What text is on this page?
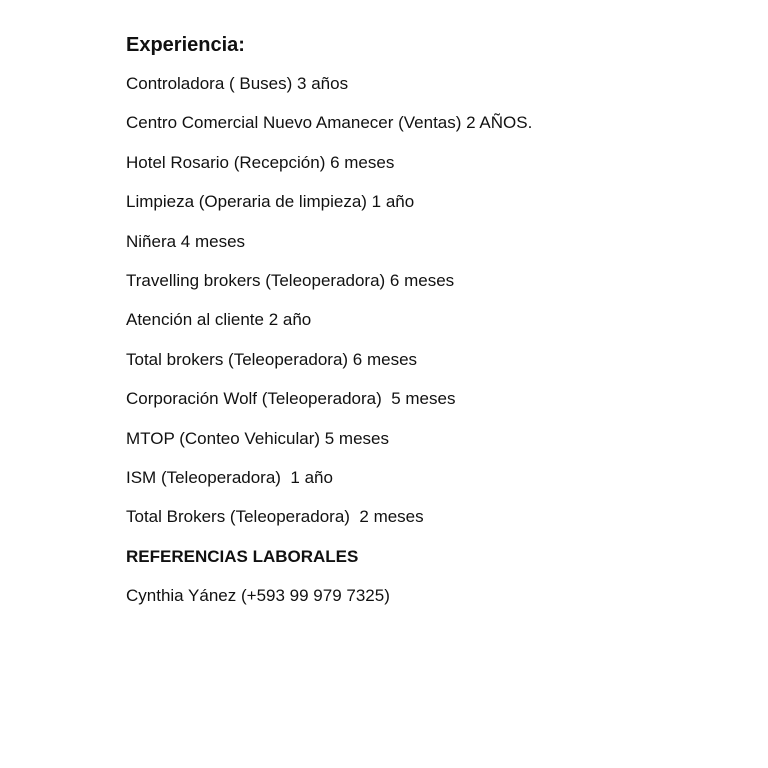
Experiencia:
Controladora ( Buses) 3 años
Centro Comercial Nuevo Amanecer (Ventas) 2 AÑOS.
Hotel Rosario (Recepción) 6 meses
Limpieza (Operaria de limpieza) 1 año
Niñera 4 meses
Travelling brokers (Teleoperadora) 6 meses
Atención al cliente 2 año
Total brokers (Teleoperadora) 6 meses
Corporación Wolf (Teleoperadora)  5 meses
MTOP (Conteo Vehicular) 5 meses
ISM (Teleoperadora)  1 año
Total Brokers (Teleoperadora)  2 meses
REFERENCIAS LABORALES
Cynthia Yánez (+593 99 979 7325)
